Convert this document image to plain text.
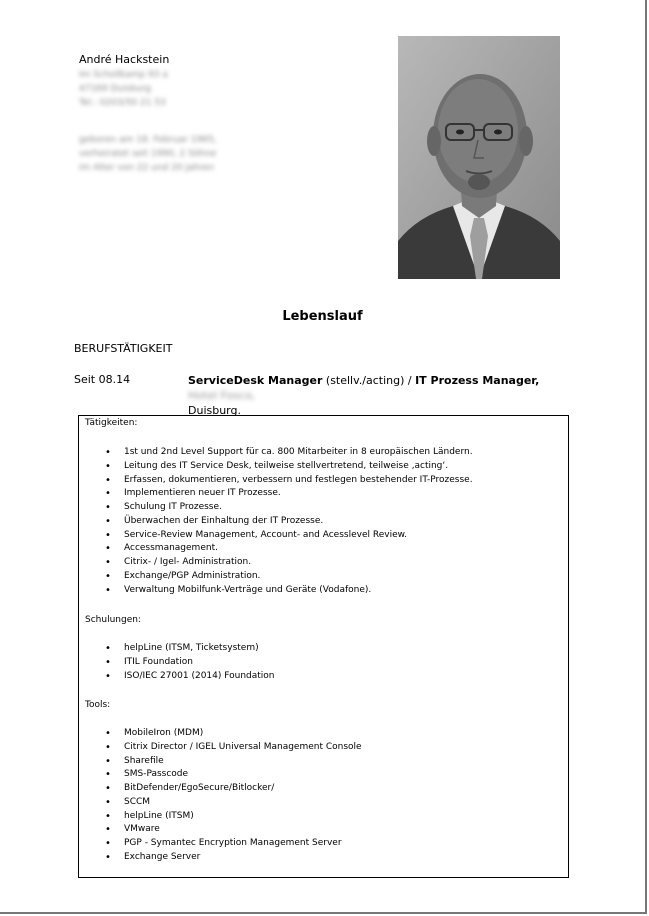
André Hackstein
Im Schollkamp 93 a
47169 Duisburg
Tel.: 0203/50 21 53
geboren am 18. Februar 1965,
verheiratet seit 1990, 2 Söhne
im Alter von 22 und 20 Jahren
Lebenslauf
BERUFSTÄTIGKEIT
Seit 08.14	ServiceDesk Manager (stellv./acting) / IT Prozess Manager, Hotel Fosco,
Duisburg.
Tätigkeiten:
• 1st und 2nd Level Support für ca. 800 Mitarbeiter in 8 europäischen Ländern.
• Leitung des IT Service Desk, teilweise stellvertretend, teilweise ‚acting‘.
• Erfassen, dokumentieren, verbessern und festlegen bestehender IT-Prozesse.
• Implementieren neuer IT Prozesse.
• Schulung IT Prozesse.
• Überwachen der Einhaltung der IT Prozesse.
• Service-Review Management, Account- and Acesslevel Review.
• Accessmanagement.
• Citrix- / Igel- Administration.
• Exchange/PGP Administration.
• Verwaltung Mobilfunk-Verträge und Geräte (Vodafone).
Schulungen:
• helpLine (ITSM, Ticketsystem)
• ITIL Foundation
• ISO/IEC 27001 (2014) Foundation
Tools:
• MobileIron (MDM)
• Citrix Director / IGEL Universal Management Console
• Sharefile
• SMS-Passcode
• BitDefender/EgoSecure/Bitlocker/
• SCCM
• helpLine (ITSM)
• VMware
• PGP - Symantec Encryption Management Server
• Exchange Server
